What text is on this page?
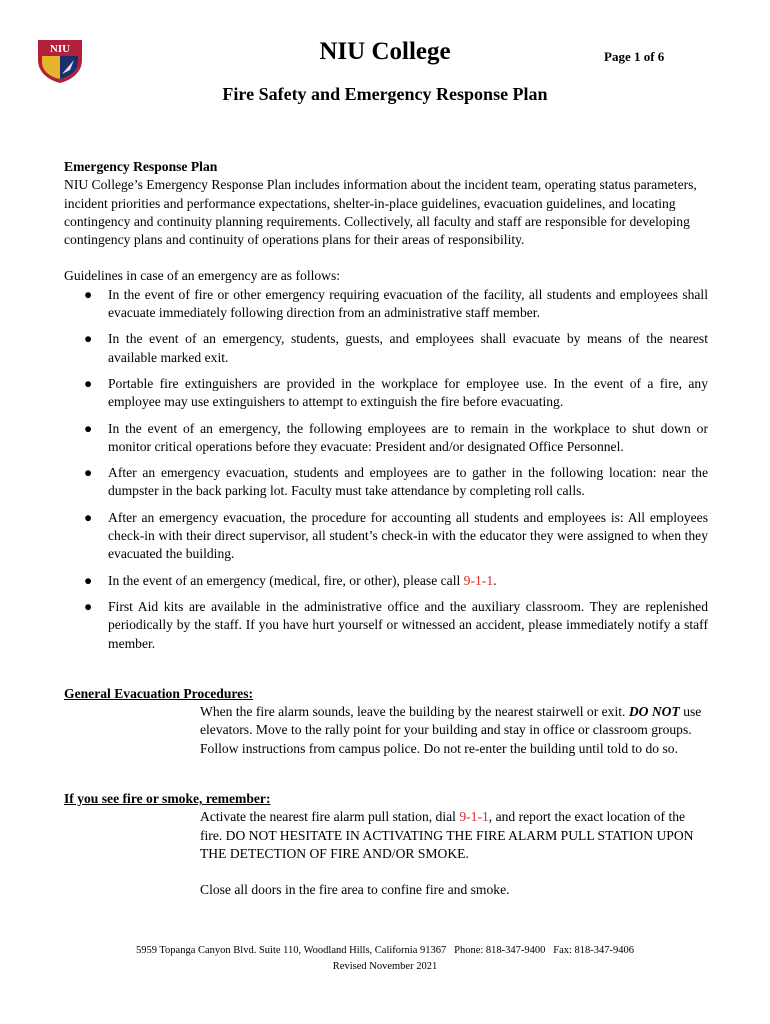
NIU	NIU College	Page 1 of 6
Fire Safety and Emergency Response Plan
Emergency Response Plan
NIU College’s Emergency Response Plan includes information about the incident team, operating status parameters, incident priorities and performance expectations, shelter-in-place guidelines, evacuation guidelines, and locating contingency and continuity planning requirements. Collectively, all faculty and staff are responsible for developing contingency plans and continuity of operations plans for their areas of responsibility.
Guidelines in case of an emergency are as follows:
● In the event of fire or other emergency requiring evacuation of the facility, all students and employees shall evacuate immediately following direction from an administrative staff member.
● In the event of an emergency, students, guests, and employees shall evacuate by means of the nearest available marked exit.
● Portable fire extinguishers are provided in the workplace for employee use. In the event of a fire, any employee may use extinguishers to attempt to extinguish the fire before evacuating.
● In the event of an emergency, the following employees are to remain in the workplace to shut down or monitor critical operations before they evacuate: President and/or designated Office Personnel.
● After an emergency evacuation, students and employees are to gather in the following location: near the dumpster in the back parking lot. Faculty must take attendance by completing roll calls.
● After an emergency evacuation, the procedure for accounting all students and employees is: All employees check-in with their direct supervisor, all student’s check-in with the educator they were assigned to when they evacuated the building.
● In the event of an emergency (medical, fire, or other), please call 9-1-1.
● First Aid kits are available in the administrative office and the auxiliary classroom. They are replenished periodically by the staff. If you have hurt yourself or witnessed an accident, please immediately notify a staff member.
General Evacuation Procedures:
When the fire alarm sounds, leave the building by the nearest stairwell or exit. DO NOT use elevators. Move to the rally point for your building and stay in office or classroom groups. Follow instructions from campus police. Do not re-enter the building until told to do so.
If you see fire or smoke, remember:
Activate the nearest fire alarm pull station, dial 9-1-1, and report the exact location of the fire. DO NOT HESITATE IN ACTIVATING THE FIRE ALARM PULL STATION UPON THE DETECTION OF FIRE AND/OR SMOKE.
Close all doors in the fire area to confine fire and smoke.
5959 Topanga Canyon Blvd. Suite 110, Woodland Hills, California 91367   Phone: 818-347-9400   Fax: 818-347-9406
Revised November 2021
